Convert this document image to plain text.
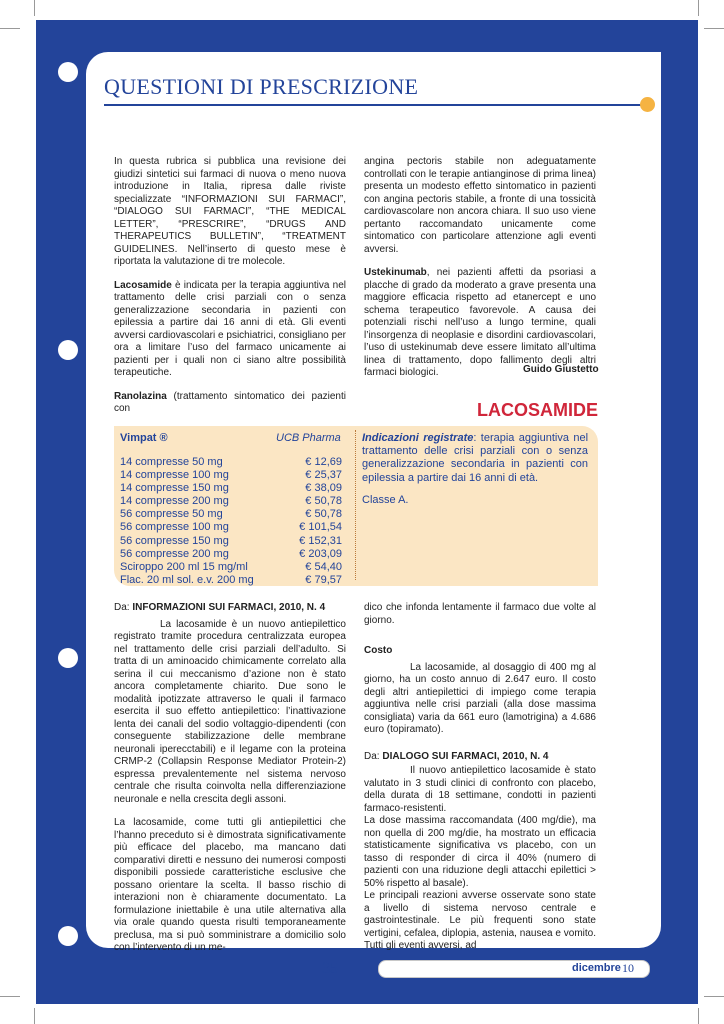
QUESTIONI DI PRESCRIZIONE

In questa rubrica si pubblica una revisione dei giudizi sintetici sui farmaci di nuova o meno nuova introduzione in Italia, ripresa dalle riviste specializzate “INFORMAZIONI SUI FARMACI”, “DIALOGO SUI FARMACI”, “THE MEDICAL LETTER”, “PRESCRIRE”, “DRUGS AND THERAPEUTICS BULLETIN”, “TREATMENT GUIDELINES. Nell’inserto di questo mese è riportata la valutazione di tre molecole.

Lacosamide è indicata per la terapia aggiuntiva nel trattamento delle crisi parziali con o senza generalizzazione secondaria in pazienti con epilessia a partire dai 16 anni di età. Gli eventi avversi cardiovascolari e psichiatrici, consigliano per ora a limitare l’uso del farmaco unicamente ai pazienti per i quali non ci siano altre possibilità terapeutiche.

Ranolazina (trattamento sintomatico dei pazienti con

angina pectoris stabile non adeguatamente controllati con le terapie antianginose di prima linea) presenta un modesto effetto sintomatico in pazienti con angina pectoris stabile, a fronte di una tossicità cardiovascolare non ancora chiara. Il suo uso viene pertanto raccomandato unicamente come sintomatico con particolare attenzione agli eventi avversi.

Ustekinumab, nei pazienti affetti da psoriasi a placche di grado da moderato a grave presenta una maggiore efficacia rispetto ad etanercept e uno schema terapeutico favorevole. A causa dei potenziali rischi nell’uso a lungo termine, quali l’insorgenza di neoplasie e disordini cardiovascolari, l’uso di ustekinumab deve essere limitato all’ultima linea di trattamento, dopo fallimento degli altri farmaci biologici.	Guido Giustetto
LACOSAMIDE
Vimpat ®	UCB Pharma
14 compresse 50 mg	€ 12,69
14 compresse 100 mg	€ 25,37
14 compresse 150 mg	€ 38,09
14 compresse 200 mg	€ 50,78
56 compresse 50 mg	€ 50,78
56 compresse 100 mg	€ 101,54
56 compresse 150 mg	€ 152,31
56 compresse 200 mg	€ 203,09
Sciroppo 200 ml 15 mg/ml	€ 54,40
Flac. 20 ml sol. e.v. 200 mg	€ 79,57
Indicazioni registrate: terapia aggiuntiva nel trattamento delle crisi parziali con o senza generalizzazione secondaria in pazienti con epilessia a partire dai 16 anni di età.
Classe A.

Da: INFORMAZIONI SUI FARMACI, 2010, N. 4

La lacosamide è un nuovo antiepilettico registrato tramite procedura centralizzata europea nel trattamento delle crisi parziali dell’adulto. Si tratta di un aminoacido chimicamente correlato alla serina il cui meccanismo d’azione non è stato ancora completamente chiarito. Due sono le modalità ipotizzate attraverso le quali il farmaco esercita il suo effetto antiepilettico: l’inattivazione lenta dei canali del sodio voltaggio-dipendenti (con conseguente stabilizzazione delle membrane neuronali iperecctabili) e il legame con la proteina CRMP-2 (Collapsin Response Mediator Protein-2) espressa prevalentemente nel sistema nervoso centrale che risulta coinvolta nella differenziazione neuronale e nella crescita degli assoni.

La lacosamide, come tutti gli antiepilettici che l’hanno preceduto si è dimostrata significativamente più efficace del placebo, ma mancano dati comparativi diretti e nessuno dei numerosi composti disponibili possiede caratteristiche esclusive che possano orientare la scelta. Il basso rischio di interazioni non è chiaramente documentato. La formulazione iniettabile è una utile alternativa alla via orale quando questa risulti temporaneamente preclusa, ma si può somministrare a domicilio solo con l’intervento di un me-

dico che infonda lentamente il farmaco due volte al giorno.

Costo

La lacosamide, al dosaggio di 400 mg al giorno, ha un costo annuo di 2.647 euro. Il costo degli altri antiepilettici di impiego come terapia aggiuntiva nelle crisi parziali (alla dose massima consigliata) varia da 661 euro (lamotrigina) a 4.686 euro (topiramato).

Da: DIALOGO SUI FARMACI, 2010, N. 4

Il nuovo antiepilettico lacosamide è stato valutato in 3 studi clinici di confronto con placebo, della durata di 18 settimane, condotti in pazienti farmaco-resistenti.

La dose massima raccomandata (400 mg/die), ma non quella di 200 mg/die, ha mostrato un efficacia statisticamente significativa vs placebo, con un tasso di responder di circa il 40% (numero di pazienti con una riduzione degli attacchi epilettici > 50% rispetto al basale).

Le principali reazioni avverse osservate sono state a livello di sistema nervoso centrale e gastrointestinale. Le più frequenti sono state vertigini, cefalea, diplopia, astenia, nausea e vomito. Tutti gli eventi avversi, ad

35	dicembre 10
